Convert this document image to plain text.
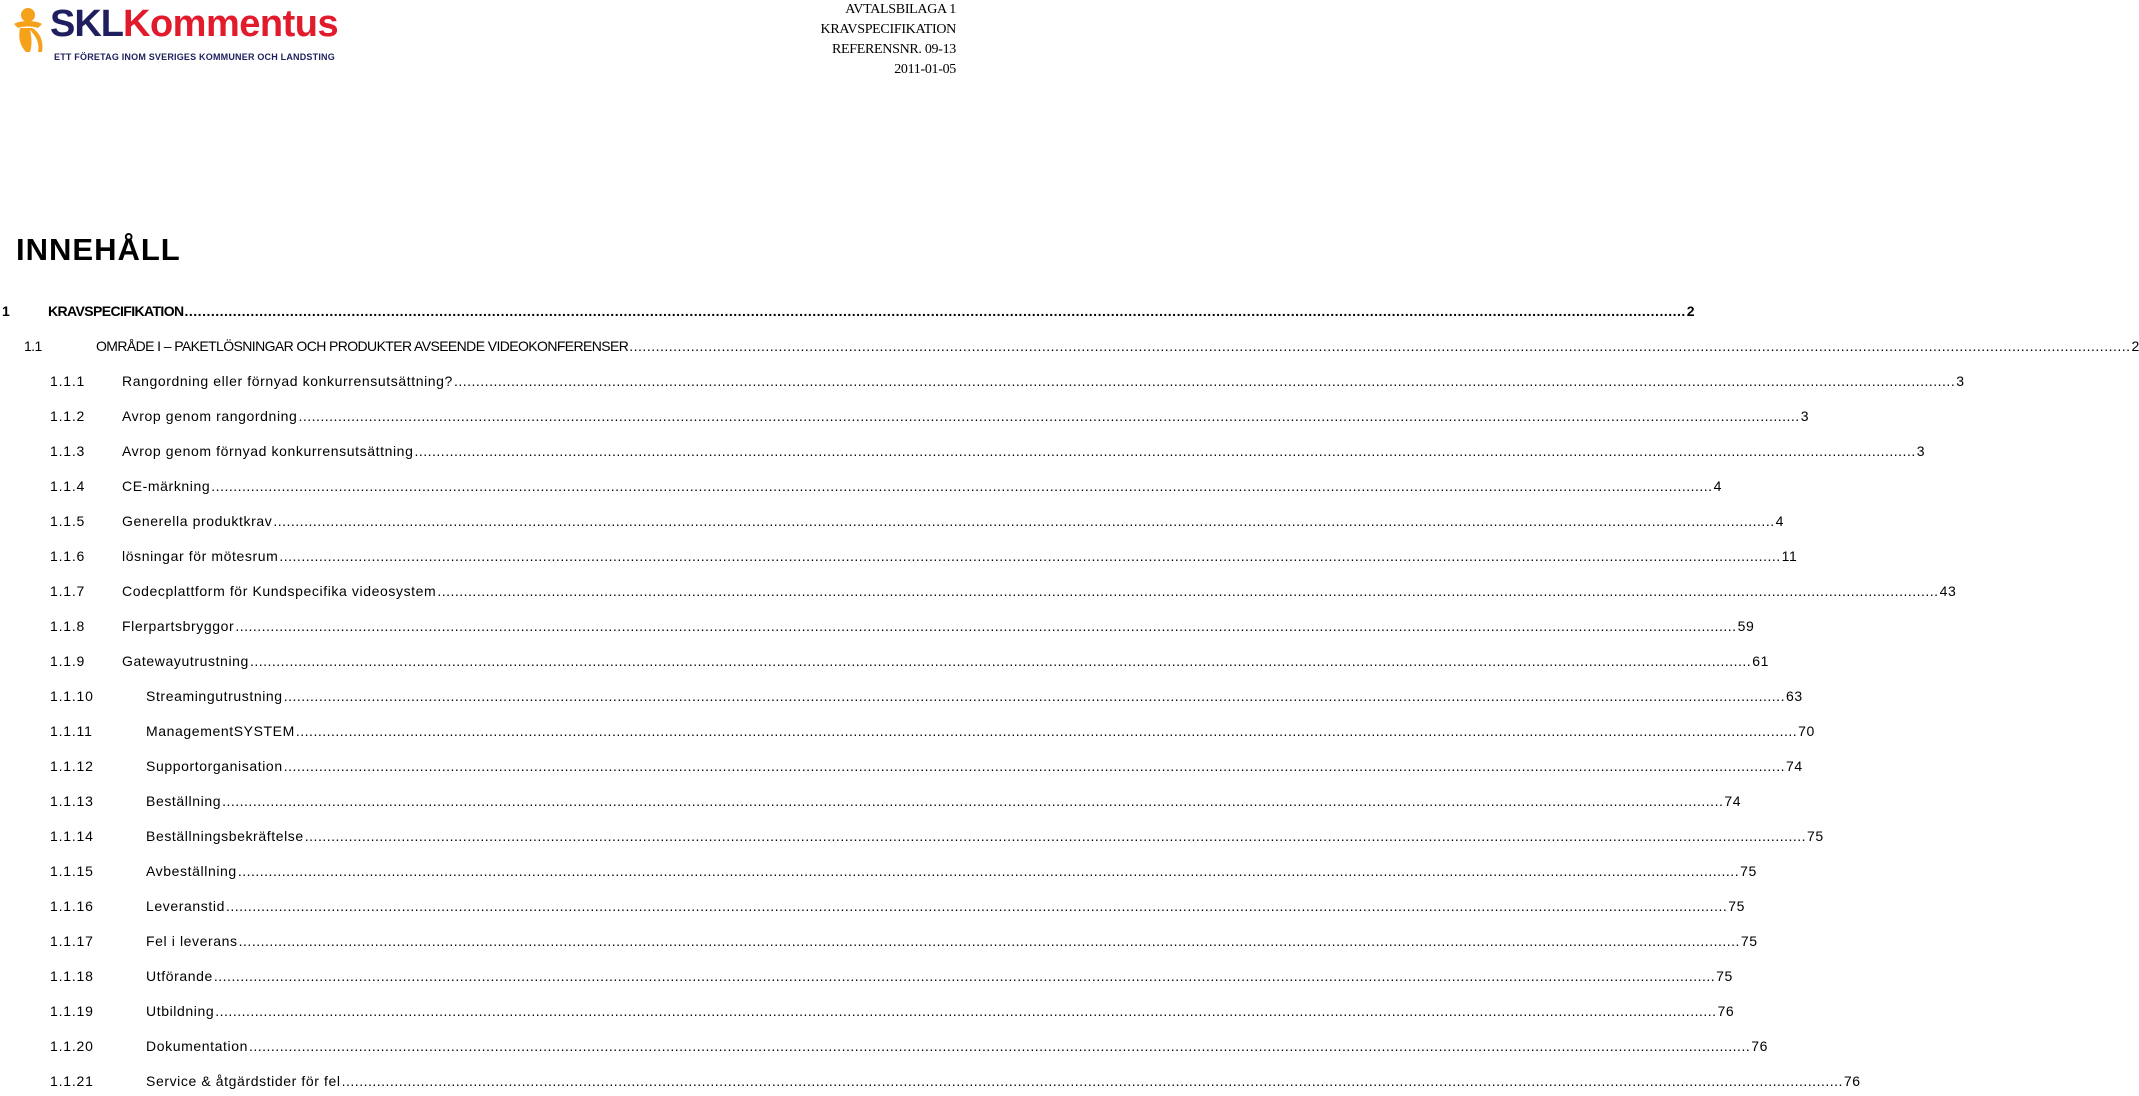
SKLKommentus
ETT FÖRETAG INOM SVERIGES KOMMUNER OCH LANDSTING
AVTALSBILAGA 1
KRAVSPECIFIKATION
REFERENSNR. 09-13
2011-01-05
INNEHÅLL
1	KRAVSPECIFIKATION .....	2
1.1	OMRÅDE I – PAKETLÖSNINGAR OCH PRODUKTER AVSEENDE VIDEOKONFERENSER .....	2
1.1.1	Rangordning eller förnyad konkurrensutsättning? .....	3
1.1.2	Avrop genom rangordning .....	3
1.1.3	Avrop genom förnyad konkurrensutsättning .....	3
1.1.4	CE-märkning .....	4
1.1.5	Generella produktkrav .....	4
1.1.6	lösningar för mötesrum .....	11
1.1.7	Codecplattform för Kundspecifika videosystem .....	43
1.1.8	Flerpartsbryggor .....	59
1.1.9	Gatewayutrustning .....	61
1.1.10	Streamingutrustning .....	63
1.1.11	ManagementSYSTEM .....	70
1.1.12	Supportorganisation .....	74
1.1.13	Beställning .....	74
1.1.14	Beställningsbekräftelse .....	75
1.1.15	Avbeställning .....	75
1.1.16	Leveranstid .....	75
1.1.17	Fel i leverans .....	75
1.1.18	Utförande .....	75
1.1.19	Utbildning .....	76
1.1.20	Dokumentation .....	76
1.1.21	Service & åtgärdstider för fel .....	76
